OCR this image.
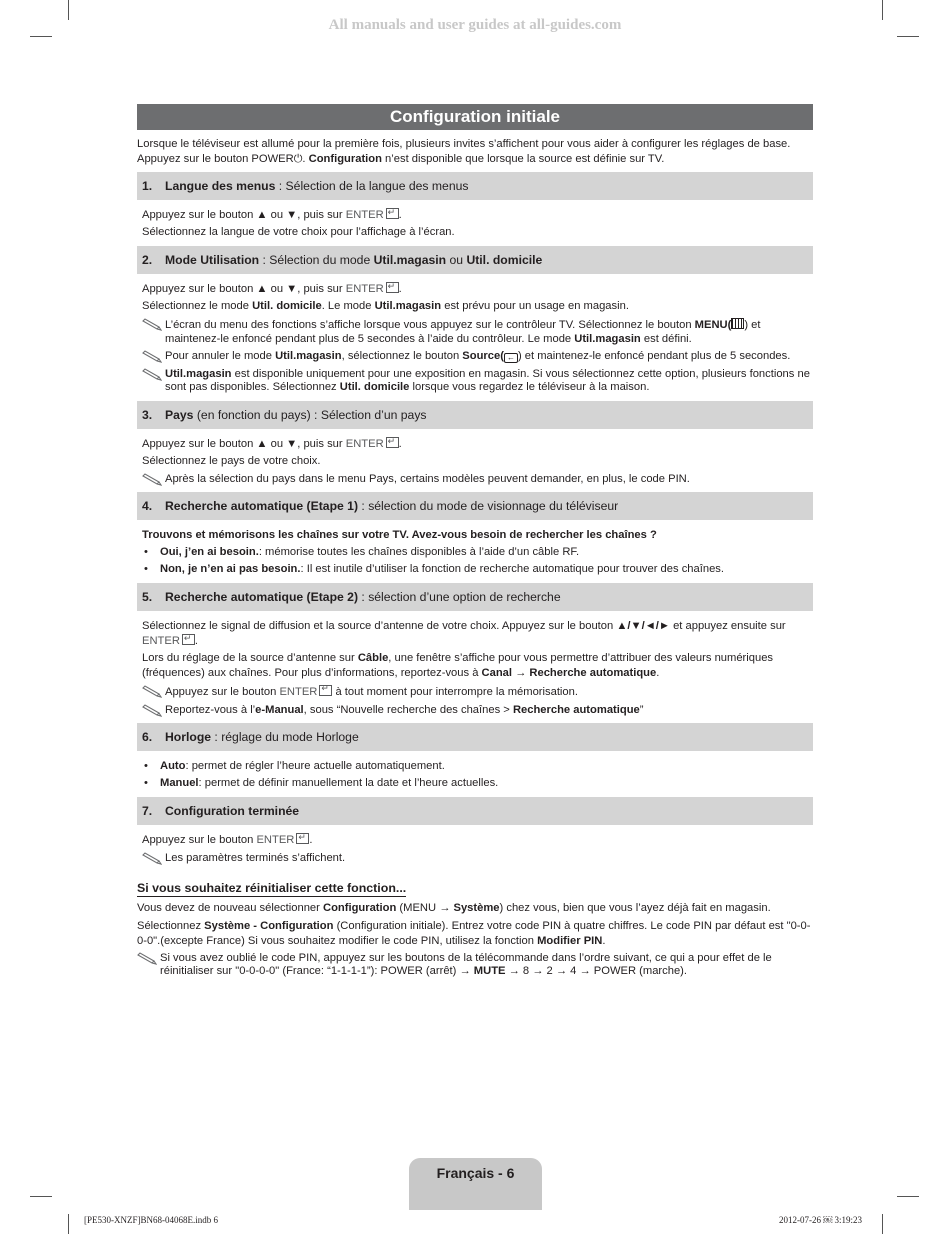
All manuals and user guides at all-guides.com
Configuration initiale

Lorsque le téléviseur est allumé pour la première fois, plusieurs invites s’affichent pour vous aider à configurer les réglages de base.

Appuyez sur le bouton POWER⏻. Configuration n’est disponible que lorsque la source est définie sur TV.

1. Langue des menus : Sélection de la langue des menus

Appuyez sur le bouton ▲ ou ▼, puis sur ENTER ↵ .

Sélectionnez la langue de votre choix pour l’affichage à l’écran.

2. Mode Utilisation : Sélection du mode Util.magasin ou Util. domicile

Appuyez sur le bouton ▲ ou ▼, puis sur ENTER ↵ .

Sélectionnez le mode Util. domicile. Le mode Util.magasin est prévu pour un usage en magasin.

L’écran du menu des fonctions s’affiche lorsque vous appuyez sur le contrôleur TV. Sélectionnez le bouton MENU( ) et maintenez-le enfoncé pendant plus de 5 secondes à l’aide du contrôleur. Le mode Util.magasin est défini.
Pour annuler le mode Util.magasin, sélectionnez le bouton Source( ← ) et maintenez-le enfoncé pendant plus de 5 secondes.
Util.magasin est disponible uniquement pour une exposition en magasin. Si vous sélectionnez cette option, plusieurs fonctions ne sont pas disponibles. Sélectionnez Util. domicile lorsque vous regardez le téléviseur à la maison.
3. Pays (en fonction du pays) : Sélection d’un pays

Appuyez sur le bouton ▲ ou ▼, puis sur ENTER ↵ .

Sélectionnez le pays de votre choix.

Après la sélection du pays dans le menu Pays, certains modèles peuvent demander, en plus, le code PIN.
4. Recherche automatique (Etape 1) : sélection du mode de visionnage du téléviseur
Trouvons et mémorisons les chaînes sur votre TV. Avez-vous besoin de rechercher les chaînes ?
• Oui, j’en ai besoin.: mémorise toutes les chaînes disponibles à l’aide d’un câble RF.
• Non, je n’en ai pas besoin.: Il est inutile d’utiliser la fonction de recherche automatique pour trouver des chaînes.
5. Recherche automatique (Etape 2) : sélection d’une option de recherche

Sélectionnez le signal de diffusion et la source d’antenne de votre choix. Appuyez sur le bouton ▲/▼/◄/► et appuyez ensuite sur ENTER ↵ .

Lors du réglage de la source d’antenne sur Câble, une fenêtre s’affiche pour vous permettre d’attribuer des valeurs numériques (fréquences) aux chaînes. Pour plus d’informations, reportez-vous à Canal → Recherche automatique.

Appuyez sur le bouton ENTER↵ à tout moment pour interrompre la mémorisation.
Reportez-vous à l’e-Manual, sous “Nouvelle recherche des chaînes > Recherche automatique”
6. Horloge : réglage du mode Horloge
• Auto: permet de régler l’heure actuelle automatiquement.
• Manuel: permet de définir manuellement la date et l’heure actuelles.
7. Configuration terminée

Appuyez sur le bouton ENTER ↵ .

Les paramètres terminés s’affichent.
Si vous souhaitez réinitialiser cette fonction...

Vous devez de nouveau sélectionner Configuration (MENU → Système) chez vous, bien que vous l’ayez déjà fait en magasin.

Sélectionnez Système - Configuration (Configuration initiale). Entrez votre code PIN à quatre chiffres. Le code PIN par défaut est "0-0-0-0".(excepte France) Si vous souhaitez modifier le code PIN, utilisez la fonction Modifier PIN.

Si vous avez oublié le code PIN, appuyez sur les boutons de la télécommande dans l’ordre suivant, ce qui a pour effet de le réinitialiser sur "0-0-0-0" (France: “1-1-1-1”): POWER (arrêt) → MUTE → 8 → 2 → 4 → POWER (marche).
Français - 6
[PE530-XNZF]BN68-04068E.indb 6	2012-07-26 ￼ 3:19:23
